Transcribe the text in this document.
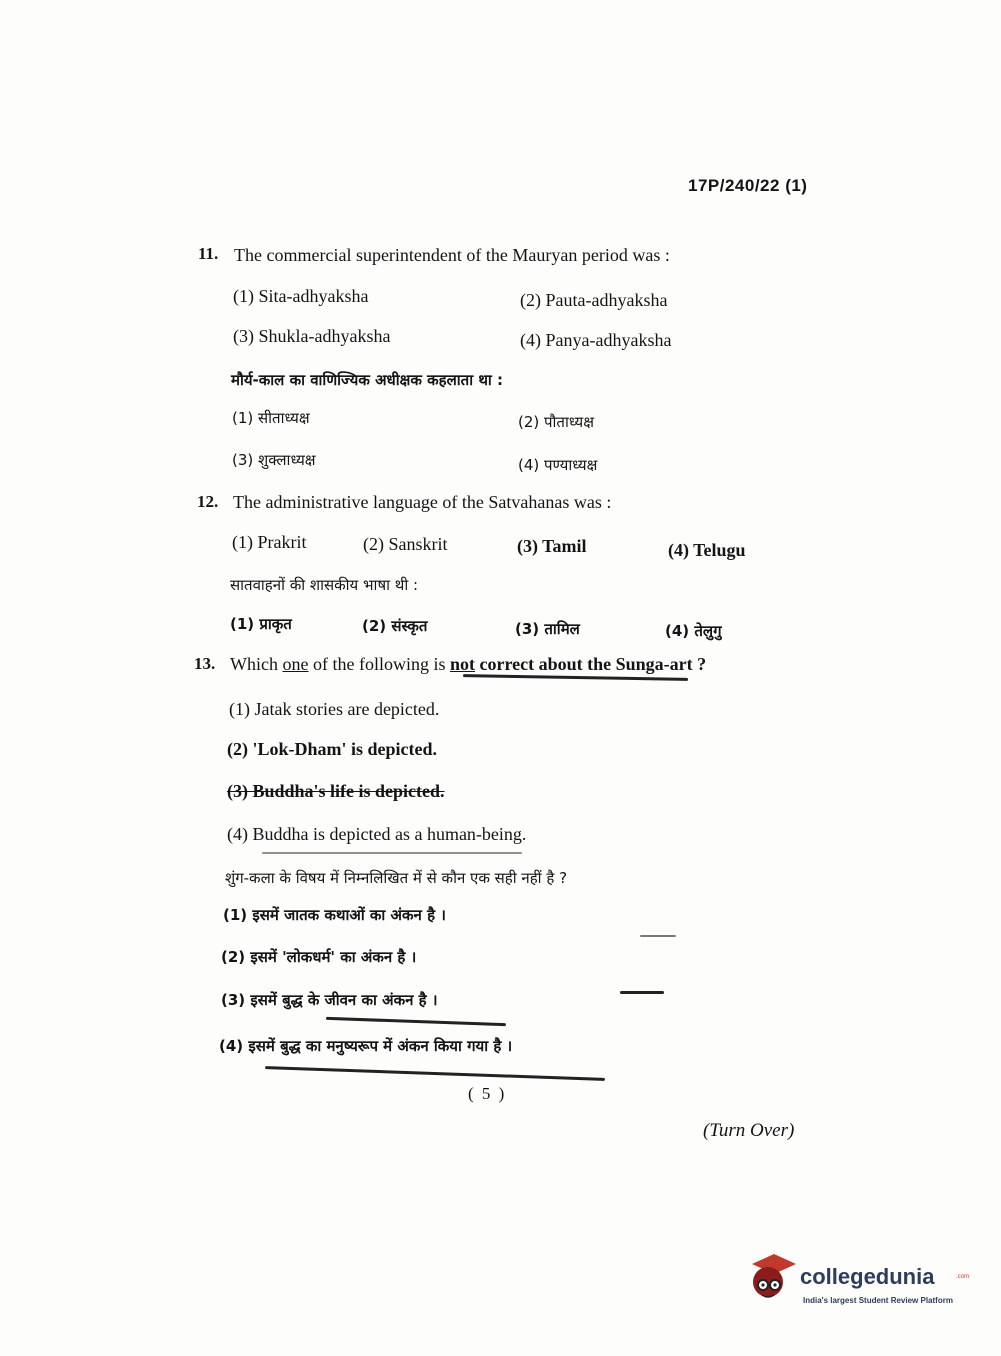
17P/240/22 (1)
11. The commercial superintendent of the Mauryan period was :
(1) Sita-adhyaksha	(2) Pauta-adhyaksha
(3) Shukla-adhyaksha	(4) Panya-adhyaksha
मौर्य-काल का वाणिज्यिक अधीक्षक कहलाता था :
(1) सीताध्यक्ष	(2) पौताध्यक्ष
(3) शुक्लाध्यक्ष	(4) पण्याध्यक्ष
12. The administrative language of the Satvahanas was :
(1) Prakrit	(2) Sanskrit	(3) Tamil	(4) Telugu
सातवाहनों की शासकीय भाषा थी :
(1) प्राकृत	(2) संस्कृत	(3) तामिल	(4) तेलुगु
13. Which one of the following is not correct about the Sunga-art ?
(1) Jatak stories are depicted.
(2) 'Lok-Dham' is depicted.
(3) Buddha's life is depicted.
(4) Buddha is depicted as a human-being.
शुंग-कला के विषय में निम्नलिखित में से कौन एक सही नहीं है ?
(1) इसमें जातक कथाओं का अंकन है ।
(2) इसमें 'लोकधर्म' का अंकन है ।
(3) इसमें बुद्ध के जीवन का अंकन है ।
(4) इसमें बुद्ध का मनुष्यरूप में अंकन किया गया है ।
( 5 )
(Turn Over)
collegedunia	.com
India's largest Student Review Platform
